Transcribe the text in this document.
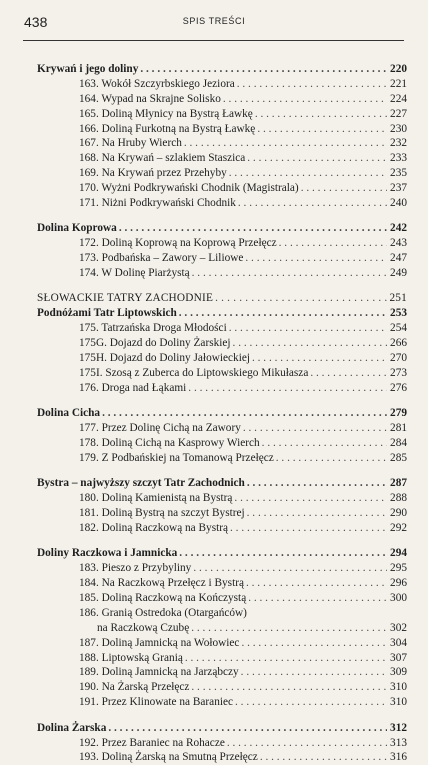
438	SPIS TREŚCI
Krywań i jego doliny . . .	220
163. Wokół Szczyrbskiego Jeziora . . .	221
164. Wypad na Skrajne Solisko . . .	224
165. Doliną Młynicy na Bystrą Ławkę . . .	227
166. Doliną Furkotną na Bystrą Ławkę . . .	230
167. Na Hruby Wierch . . .	232
168. Na Krywań – szlakiem Staszica . . .	233
169. Na Krywań przez Przehyby . . .	235
170. Wyżni Podkrywański Chodnik (Magistrala) . . .	237
171. Niżni Podkrywański Chodnik . . .	240
Dolina Koprowa . . .	242
172. Doliną Koprową na Koprową Przełęcz . . .	243
173. Podbańska – Zawory – Liliowe . . .	247
174. W Dolinę Piarżystą . . .	249
SŁOWACKIE TATRY ZACHODNIE . . .	251
Podnóżami Tatr Liptowskich . . .	253
175. Tatrzańska Droga Młodości . . .	254
175G. Dojazd do Doliny Żarskiej . . .	266
175H. Dojazd do Doliny Jałowieckiej . . .	270
175I. Szosą z Zuberca do Liptowskiego Mikułasza . . .	273
176. Droga nad Łąkami . . .	276
Dolina Cicha . . .	279
177. Przez Dolinę Cichą na Zawory . . .	281
178. Doliną Cichą na Kasprowy Wierch . . .	284
179. Z Podbańskiej na Tomanową Przełęcz . . .	285
Bystra – najwyższy szczyt Tatr Zachodnich . . .	287
180. Doliną Kamienistą na Bystrą . . .	288
181. Doliną Bystrą na szczyt Bystrej . . .	290
182. Doliną Raczkową na Bystrą . . .	292
Doliny Raczkowa i Jamnicka . . .	294
183. Pieszo z Przybyliny . . .	295
184. Na Raczkową Przełęcz i Bystrą . . .	296
185. Doliną Raczkową na Kończystą . . .	300
186. Granią Ostredoka (Otargańców)
na Raczkową Czubę . . .	302
187. Doliną Jamnicką na Wołowiec . . .	304
188. Liptowską Granią . . .	307
189. Doliną Jamnicką na Jarząbczy . . .	309
190. Na Żarską Przełęcz . . .	310
191. Przez Klinowate na Baraniec . . .	310
Dolina Żarska . . .	312
192. Przez Baraniec na Rohacze . . .	313
193. Doliną Żarską na Smutną Przełęcz . . .	316
